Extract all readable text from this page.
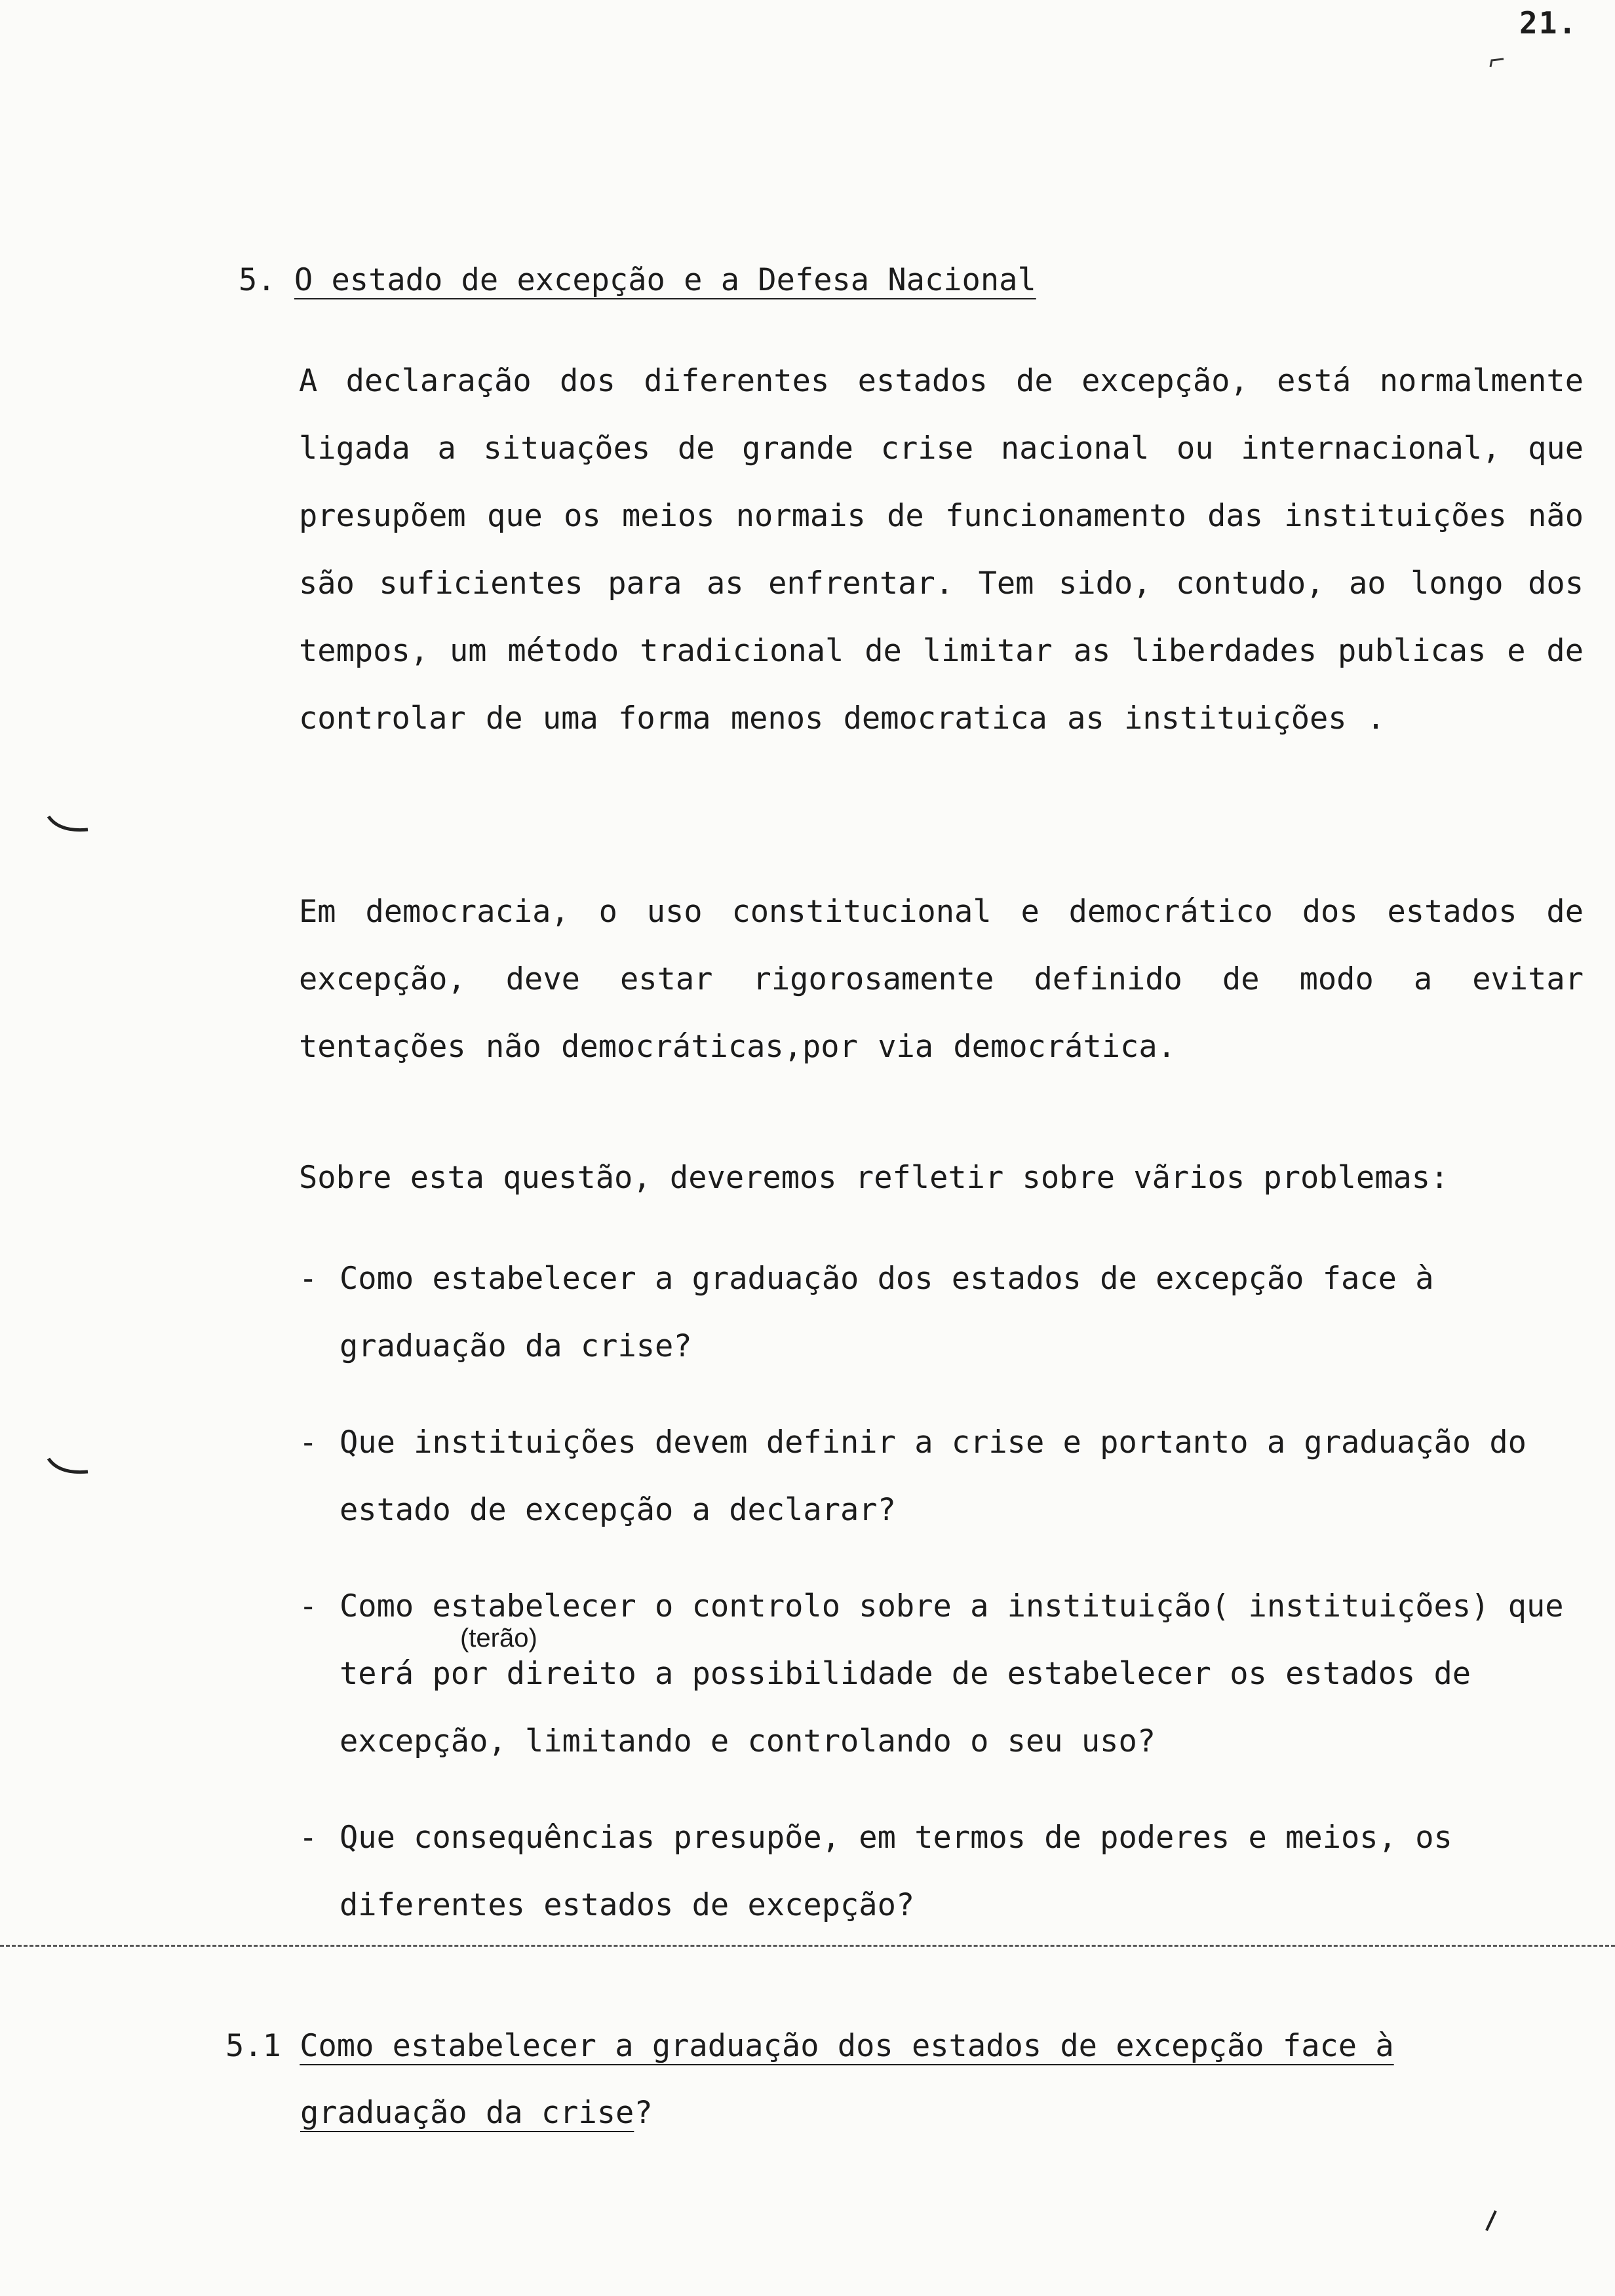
21.
5. O estado de excepção e a Defesa Nacional
A declaração dos diferentes estados de excepção, está normalmente ligada a situações de grande crise nacional ou internacional, que presupõem que os meios normais de funcionamento das instituições não são suficientes para as enfrentar. Tem sido, contudo, ao longo dos tempos, um método tradicional de limitar as liberdades publicas e de controlar de uma forma menos democratica as instituições .
Em democracia, o uso constitucional e democrático dos estados de excepção, deve estar rigorosamente definido de modo a evitar tentações não democráticas,por via democrática.
Sobre esta questão, deveremos refletir sobre vãrios problemas:
- Como estabelecer a graduação dos estados de excepção face à graduação da crise?
- Que instituições devem definir a crise e portanto a graduação do estado de excepção a declarar?
- Como estabelecer o controlo sobre a instituição( instituições) que terá por direito a possibilidade de estabelecer os estados de excepção, limitando e controlando o seu uso?
- Que consequências presupõe, em termos de poderes e meios, os diferentes estados de excepção?
(terão)
5.1 Como estabelecer a graduação dos estados de excepção face à
graduação da crise?
